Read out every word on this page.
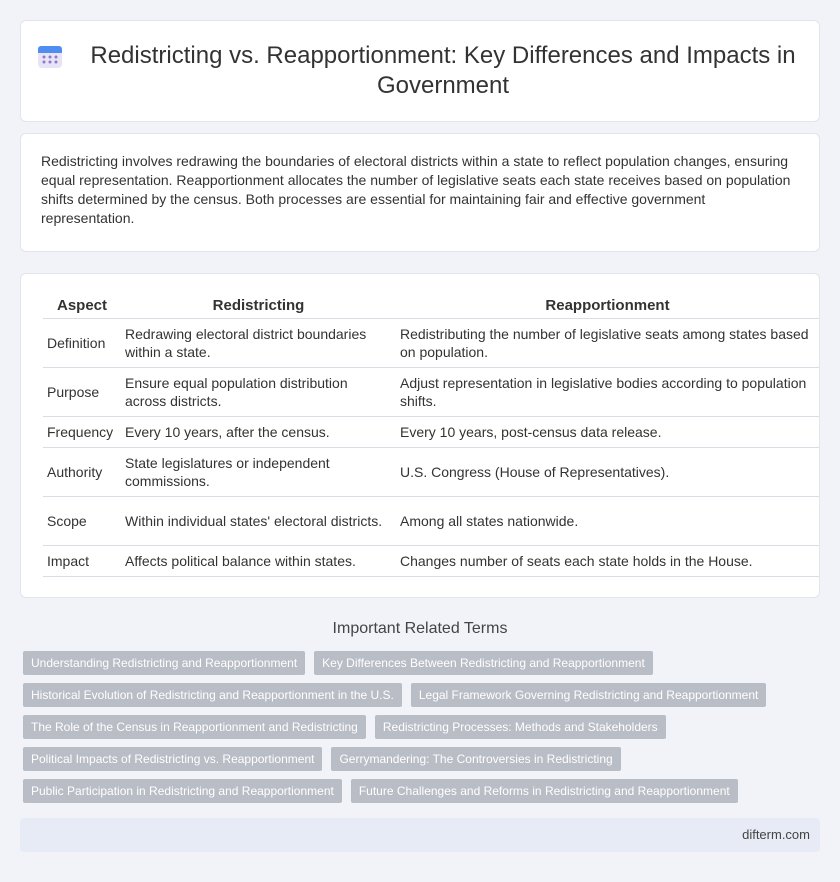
Redistricting vs. Reapportionment: Key Differences and Impacts in Government

Redistricting involves redrawing the boundaries of electoral districts within a state to reflect population changes, ensuring equal representation. Reapportionment allocates the number of legislative seats each state receives based on population shifts determined by the census. Both processes are essential for maintaining fair and effective government representation.

Aspect	Redistricting	Reapportionment
Definition	Redrawing electoral district boundaries within a state.	Redistributing the number of legislative seats among states based on population.
Purpose	Ensure equal population distribution across districts.	Adjust representation in legislative bodies according to population shifts.
Frequency	Every 10 years, after the census.	Every 10 years, post-census data release.
Authority	State legislatures or independent commissions.	U.S. Congress (House of Representatives).
Scope	Within individual states' electoral districts.	Among all states nationwide.
Impact	Affects political balance within states.	Changes number of seats each state holds in the House.
Important Related Terms
Understanding Redistricting and Reapportionment	Key Differences Between Redistricting and Reapportionment
Historical Evolution of Redistricting and Reapportionment in the U.S.	Legal Framework Governing Redistricting and Reapportionment
The Role of the Census in Reapportionment and Redistricting	Redistricting Processes: Methods and Stakeholders
Political Impacts of Redistricting vs. Reapportionment	Gerrymandering: The Controversies in Redistricting
Public Participation in Redistricting and Reapportionment	Future Challenges and Reforms in Redistricting and Reapportionment
difterm.com
